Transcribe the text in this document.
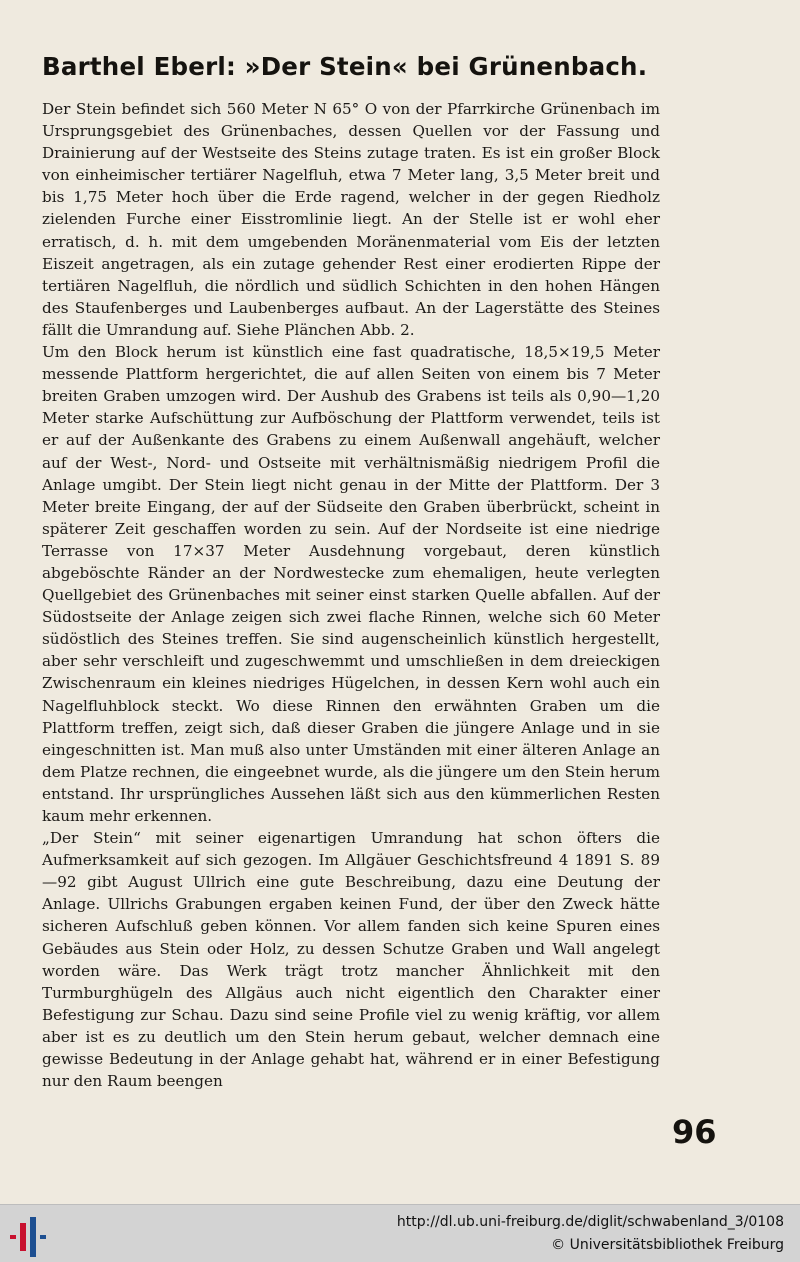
Barthel Eberl: »Der Stein« bei Grünenbach.

Der Stein befindet sich 560 Meter N 65° O von der Pfarrkirche Grünenbach im Ursprungsgebiet des Grünenbaches, dessen Quellen vor der Fassung und Drainierung auf der Westseite des Steins zutage traten. Es ist ein großer Block von einheimischer tertiärer Nagelfluh, etwa 7 Meter lang, 3,5 Meter breit und bis 1,75 Meter hoch über die Erde ragend, welcher in der gegen Riedholz zielenden Furche einer Eisstromlinie liegt. An der Stelle ist er wohl eher erratisch, d. h. mit dem umgebenden Moränenmaterial vom Eis der letzten Eiszeit angetragen, als ein zutage gehender Rest einer erodierten Rippe der tertiären Nagelfluh, die nördlich und südlich Schichten in den hohen Hängen des Staufenberges und Laubenberges aufbaut. An der Lagerstätte des Steines fällt die Umrandung auf. Siehe Plänchen Abb. 2.

Um den Block herum ist künstlich eine fast quadratische, 18,5×19,5 Meter messende Plattform hergerichtet, die auf allen Seiten von einem bis 7 Meter breiten Graben umzogen wird. Der Aushub des Grabens ist teils als 0,90—1,20 Meter starke Aufschüttung zur Aufböschung der Plattform verwendet, teils ist er auf der Außenkante des Grabens zu einem Außenwall angehäuft, welcher auf der West-, Nord- und Ostseite mit verhältnismäßig niedrigem Profil die Anlage umgibt. Der Stein liegt nicht genau in der Mitte der Plattform. Der 3 Meter breite Eingang, der auf der Südseite den Graben überbrückt, scheint in späterer Zeit geschaffen worden zu sein. Auf der Nordseite ist eine niedrige Terrasse von 17×37 Meter Ausdehnung vorgebaut, deren künstlich abgeböschte Ränder an der Nordwestecke zum ehemaligen, heute verlegten Quellgebiet des Grünenbaches mit seiner einst starken Quelle abfallen. Auf der Südostseite der Anlage zeigen sich zwei flache Rinnen, welche sich 60 Meter südöstlich des Steines treffen. Sie sind augenscheinlich künstlich hergestellt, aber sehr verschleift und zugeschwemmt und umschließen in dem dreieckigen Zwischenraum ein kleines niedriges Hügelchen, in dessen Kern wohl auch ein Nagelfluhblock steckt. Wo diese Rinnen den erwähnten Graben um die Plattform treffen, zeigt sich, daß dieser Graben die jüngere Anlage und in sie eingeschnitten ist. Man muß also unter Umständen mit einer älteren Anlage an dem Platze rechnen, die eingeebnet wurde, als die jüngere um den Stein herum entstand. Ihr ursprüngliches Aussehen läßt sich aus den kümmerlichen Resten kaum mehr erkennen.

„Der Stein“ mit seiner eigenartigen Umrandung hat schon öfters die Aufmerksamkeit auf sich gezogen. Im Allgäuer Geschichtsfreund 4 1891 S. 89—92 gibt August Ullrich eine gute Beschreibung, dazu eine Deutung der Anlage. Ullrichs Grabungen ergaben keinen Fund, der über den Zweck hätte sicheren Aufschluß geben können. Vor allem fanden sich keine Spuren eines Gebäudes aus Stein oder Holz, zu dessen Schutze Graben und Wall angelegt worden wäre. Das Werk trägt trotz mancher Ähnlichkeit mit den Turmburghügeln des Allgäus auch nicht eigentlich den Charakter einer Befestigung zur Schau. Dazu sind seine Profile viel zu wenig kräftig, vor allem aber ist es zu deutlich um den Stein herum gebaut, welcher demnach eine gewisse Bedeutung in der Anlage gehabt hat, während er in einer Befestigung nur den Raum beengen

96
http://dl.ub.uni-freiburg.de/diglit/schwabenland_3/0108
© Universitätsbibliothek Freiburg
